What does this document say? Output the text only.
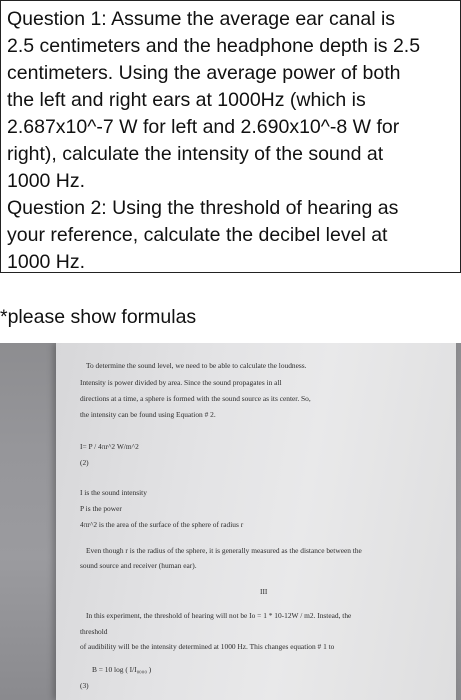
Question 1: Assume the average ear canal is
2.5 centimeters and the headphone depth is 2.5
centimeters. Using the average power of both
the left and right ears at 1000Hz (which is
2.687x10^-7 W for left and 2.690x10^-8 W for
right), calculate the intensity of the sound at
1000 Hz.
Question 2: Using the threshold of hearing as
your reference, calculate the decibel level at
1000 Hz.
*please show formulas
To determine the sound level, we need to be able to calculate the loudness.
Intensity is power divided by area. Since the sound propagates in all
directions at a time, a sphere is formed with the sound source as its center. So,
the intensity can be found using Equation # 2.
I= P / 4πr^2 W/m^2
(2)
I is the sound intensity
P is the power
4πr^2 is the area of the surface of the sphere of radius r
Even though r is the radius of the sphere, it is generally measured as the distance between the
sound source and receiver (human ear).
III
In this experiment, the threshold of hearing will not be Io = 1 * 10-12W / m2. Instead, the
threshold
of audibility will be the intensity determined at 1000 Hz. This changes equation # 1 to
B = 10 log ( I/I₀₀₀₀ )
(3)
